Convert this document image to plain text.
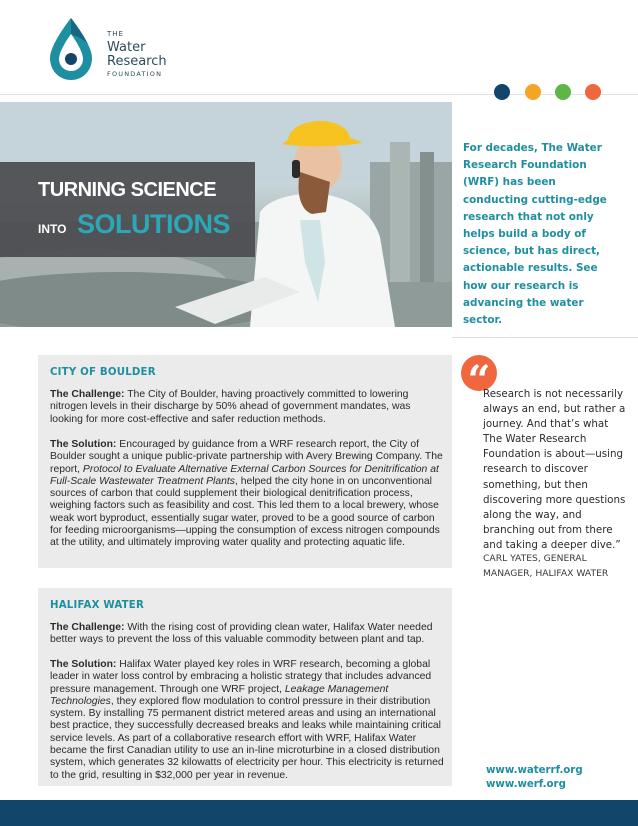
THE
Water
Research
FOUNDATION
TURNING SCIENCE
INTO SOLUTIONS
For decades, The Water Research Foundation (WRF) has been conducting cutting-edge research that not only helps build a body of science, but has direct, actionable results. See how our research is advancing the water sector.
CITY OF BOULDER
The Challenge: The City of Boulder, having proactively committed to lowering nitrogen levels in their discharge by 50% ahead of government mandates, was looking for more cost-effective and safer reduction methods.
The Solution: Encouraged by guidance from a WRF research report, the City of Boulder sought a unique public-private partnership with Avery Brewing Company. The report, Protocol to Evaluate Alternative External Carbon Sources for Denitrification at Full-Scale Wastewater Treatment Plants, helped the city hone in on unconventional sources of carbon that could supplement their biological denitrification process, weighing factors such as feasibility and cost. This led them to a local brewery, whose weak wort byproduct, essentially sugar water, proved to be a good source of carbon for feeding microorganisms—upping the consumption of excess nitrogen compounds at the utility, and ultimately improving water quality and protecting aquatic life.
HALIFAX WATER
The Challenge: With the rising cost of providing clean water, Halifax Water needed better ways to prevent the loss of this valuable commodity between plant and tap.
The Solution: Halifax Water played key roles in WRF research, becoming a global leader in water loss control by embracing a holistic strategy that includes advanced pressure management. Through one WRF project, Leakage Management Technologies, they explored flow modulation to control pressure in their distribution system. By installing 75 permanent district metered areas and using an international best practice, they successfully decreased breaks and leaks while maintaining critical service levels. As part of a collaborative research effort with WRF, Halifax Water became the first Canadian utility to use an in-line microturbine in a closed distribution system, which generates 32 kilowatts of electricity per hour. This electricity is returned to the grid, resulting in $32,000 per year in revenue.
“
Research is not necessarily always an end, but rather a journey. And that’s what The Water Research Foundation is about—using research to discover something, but then discovering more questions along the way, and branching out from there and taking a deeper dive.”
CARL YATES, GENERAL MANAGER, HALIFAX WATER
www.waterrf.org
www.werf.org
